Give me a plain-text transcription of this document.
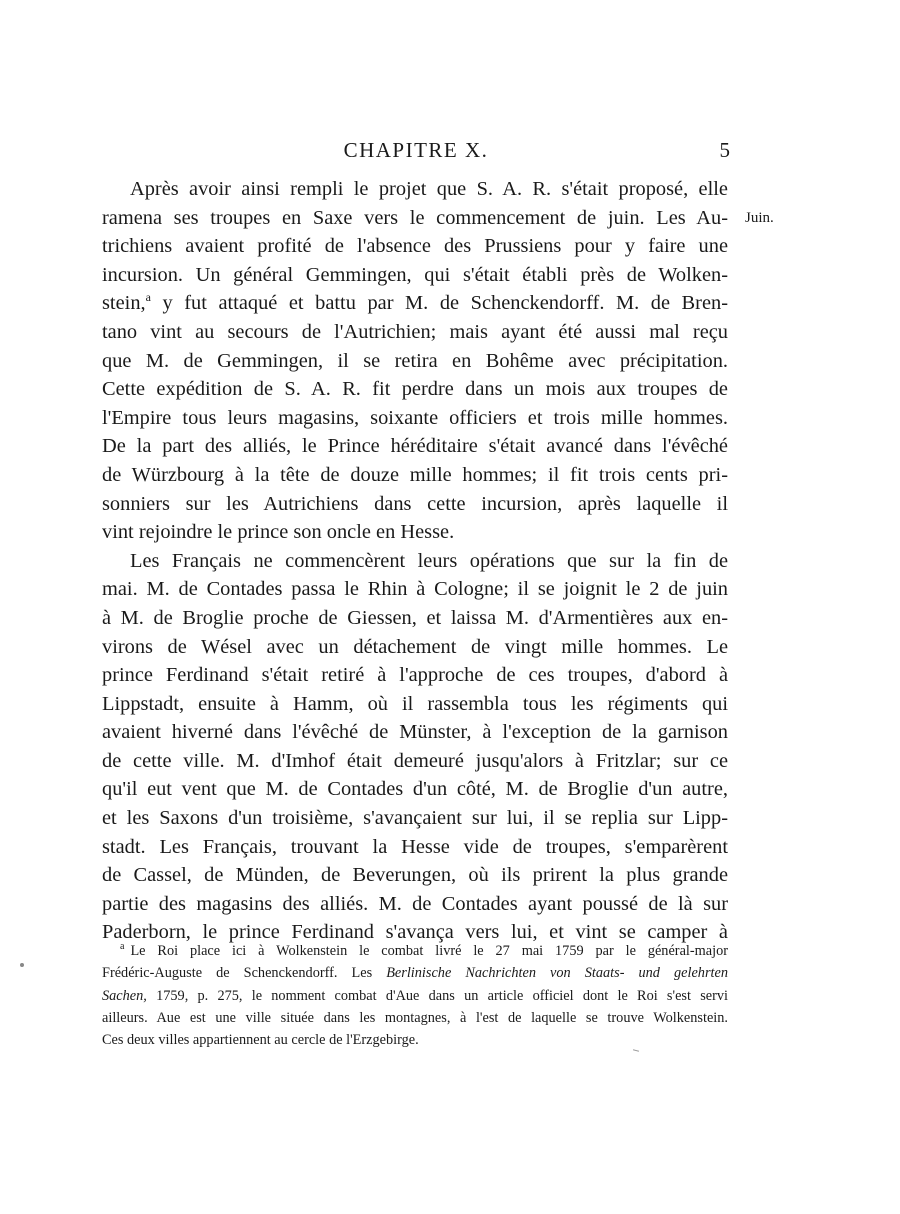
CHAPITRE X.	5
Juin.

Après avoir ainsi rempli le projet que S. A. R. s'était proposé, elle
ramena ses troupes en Saxe vers le commencement de juin. Les Au-
trichiens avaient profité de l'absence des Prussiens pour y faire une
incursion. Un général Gemmingen, qui s'était établi près de Wolken-
stein,$^a$ y fut attaqué et battu par M. de Schenckendorff. M. de Bren-
tano vint au secours de l'Autrichien; mais ayant été aussi mal reçu
que M. de Gemmingen, il se retira en Bohême avec précipitation.
Cette expédition de S. A. R. fit perdre dans un mois aux troupes de
l'Empire tous leurs magasins, soixante officiers et trois mille hommes.
De la part des alliés, le Prince héréditaire s'était avancé dans l'évêché
de Würzbourg à la tête de douze mille hommes; il fit trois cents pri-
sonniers sur les Autrichiens dans cette incursion, après laquelle il
vint rejoindre le prince son oncle en Hesse.

Les Français ne commencèrent leurs opérations que sur la fin de
mai. M. de Contades passa le Rhin à Cologne; il se joignit le 2 de juin
à M. de Broglie proche de Giessen, et laissa M. d'Armentières aux en-
virons de Wésel avec un détachement de vingt mille hommes. Le
prince Ferdinand s'était retiré à l'approche de ces troupes, d'abord à
Lippstadt, ensuite à Hamm, où il rassembla tous les régiments qui
avaient hiverné dans l'évêché de Münster, à l'exception de la garnison
de cette ville. M. d'Imhof était demeuré jusqu'alors à Fritzlar; sur ce
qu'il eut vent que M. de Contades d'un côté, M. de Broglie d'un autre,
et les Saxons d'un troisième, s'avançaient sur lui, il se replia sur Lipp-
stadt. Les Français, trouvant la Hesse vide de troupes, s'emparèrent
de Cassel, de Münden, de Beverungen, où ils prirent la plus grande
partie des magasins des alliés. M. de Contades ayant poussé de là sur
Paderborn, le prince Ferdinand s'avança vers lui, et vint se camper à

$^a$ Le Roi place ici à Wolkenstein le combat livré le 27 mai 1759 par le général-major
Frédéric-Auguste de Schenckendorff. Les Berlinische Nachrichten von Staats- und gelehrten
Sachen, 1759, p. 275, le nomment combat d'Aue dans un article officiel dont le Roi s'est servi
ailleurs. Aue est une ville située dans les montagnes, à l'est de laquelle se trouve Wolkenstein.
Ces deux villes appartiennent au cercle de l'Erzgebirge.
